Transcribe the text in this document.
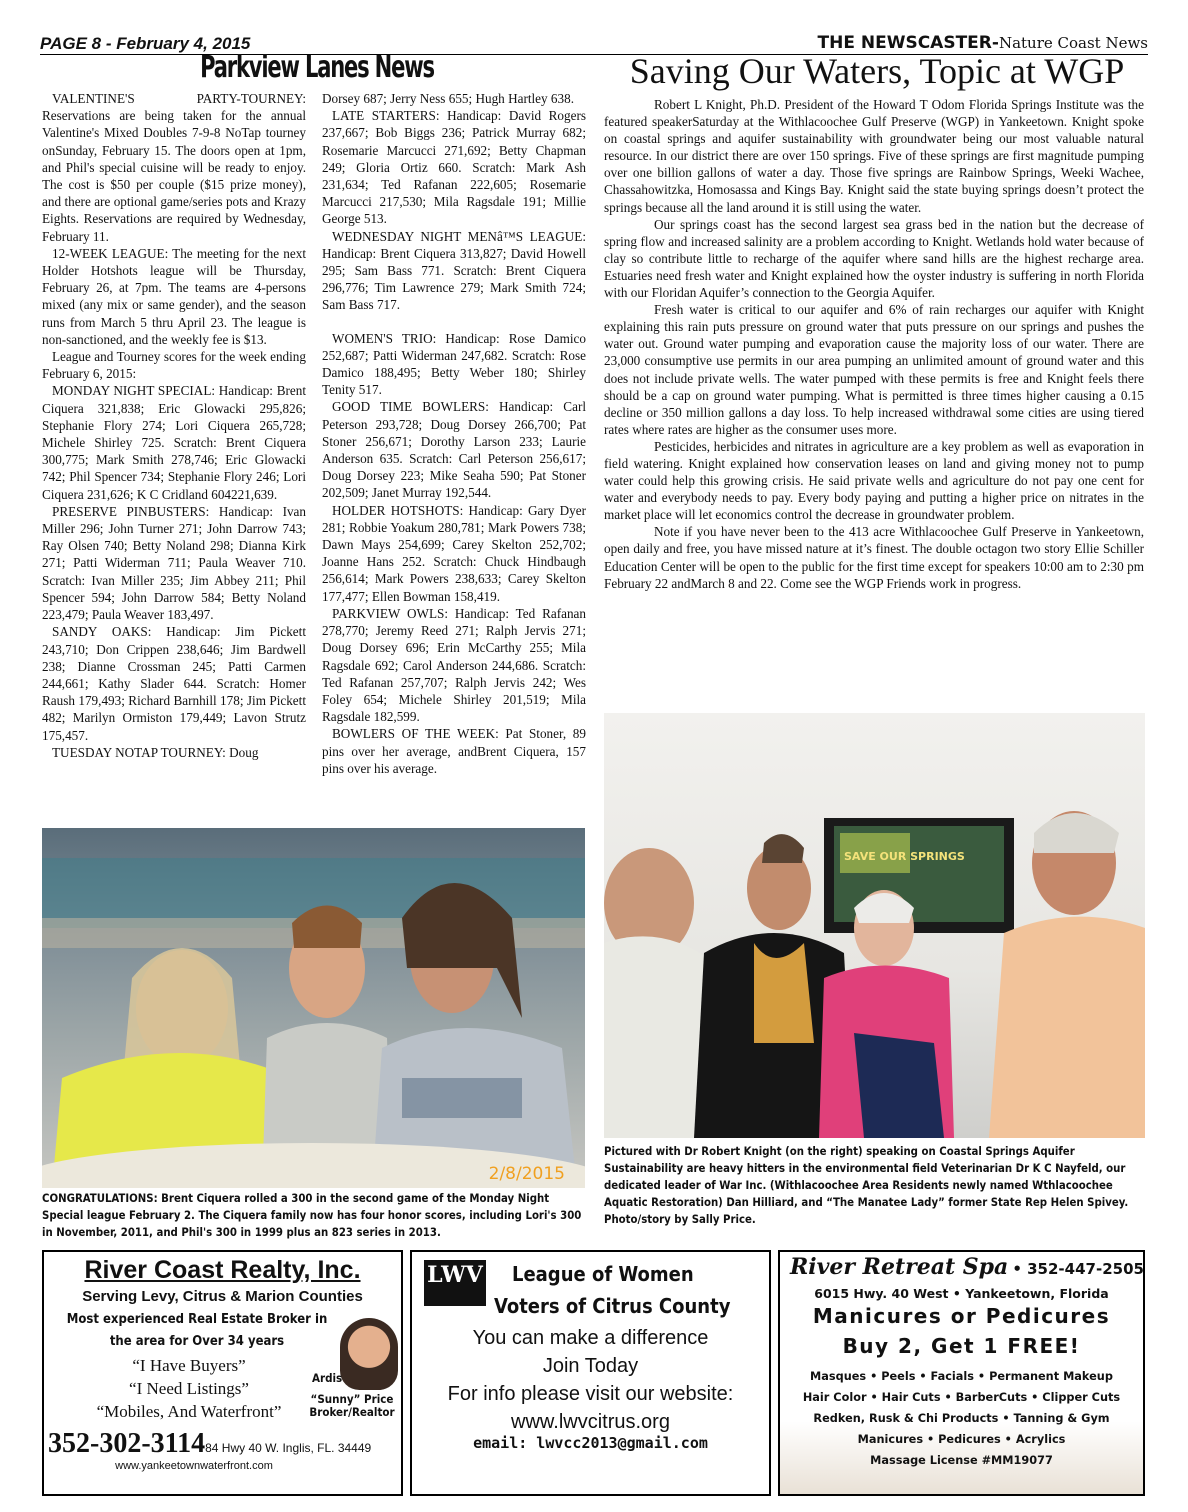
PAGE 8 - February 4, 2015	THE NEWSCASTER-Nature Coast News
Parkview Lanes News	Saving Our Waters, Topic at WGP

VALENTINE'S PARTY-TOURNEY: Reservations are being taken for the annual Valentine's Mixed Doubles 7-9-8 NoTap tourney onSunday, February 15. The doors open at 1pm, and Phil's special cuisine will be ready to enjoy. The cost is $50 per couple ($15 prize money), and there are optional game/series pots and Krazy Eights. Reservations are required by Wednesday, February 11.

12-WEEK LEAGUE: The meeting for the next Holder Hotshots league will be Thursday, February 26, at 7pm. The teams are 4-persons mixed (any mix or same gender), and the season runs from March 5 thru April 23. The league is non-sanctioned, and the weekly fee is $13.

League and Tourney scores for the week ending February 6, 2015:

MONDAY NIGHT SPECIAL: Handicap: Brent Ciquera 321,838; Eric Glowacki 295,826; Stephanie Flory 274; Lori Ciquera 265,728; Michele Shirley 725. Scratch: Brent Ciquera 300,775; Mark Smith 278,746; Eric Glowacki 742; Phil Spencer 734; Stephanie Flory 246; Lori Ciquera 231,626; K C Cridland 604221,639.

PRESERVE PINBUSTERS: Handicap: Ivan Miller 296; John Turner 271; John Darrow 743; Ray Olsen 740; Betty Noland 298; Dianna Kirk 271; Patti Widerman 711; Paula Weaver 710. Scratch: Ivan Miller 235; Jim Abbey 211; Phil Spencer 594; John Darrow 584; Betty Noland 223,479; Paula Weaver 183,497.

SANDY OAKS: Handicap: Jim Pickett 243,710; Don Crippen 238,646; Jim Bardwell 238; Dianne Crossman 245; Patti Carmen 244,661; Kathy Slader 644. Scratch: Homer Raush 179,493; Richard Barnhill 178; Jim Pickett 482; Marilyn Ormiston 179,449; Lavon Strutz 175,457.

TUESDAY NOTAP TOURNEY: Doug

Dorsey 687; Jerry Ness 655; Hugh Hartley 638.

LATE STARTERS: Handicap: David Rogers 237,667; Bob Biggs 236; Patrick Murray 682; Rosemarie Marcucci 271,692; Betty Chapman 249; Gloria Ortiz 660. Scratch: Mark Ash 231,634; Ted Rafanan 222,605; Rosemarie Marcucci 217,530; Mila Ragsdale 191; Millie George 513.

WEDNESDAY NIGHT MENâ™S LEAGUE: Handicap: Brent Ciquera 313,827; David Howell 295; Sam Bass 771. Scratch: Brent Ciquera 296,776; Tim Lawrence 279; Mark Smith 724; Sam Bass 717.

WOMEN'S TRIO: Handicap: Rose Damico 252,687; Patti Widerman 247,682. Scratch: Rose Damico 188,495; Betty Weber 180; Shirley Tenity 517.

GOOD TIME BOWLERS: Handicap: Carl Peterson 293,728; Doug Dorsey 266,700; Pat Stoner 256,671; Dorothy Larson 233; Laurie Anderson 635. Scratch: Carl Peterson 256,617; Doug Dorsey 223; Mike Seaha 590; Pat Stoner 202,509; Janet Murray 192,544.

HOLDER HOTSHOTS: Handicap: Gary Dyer 281; Robbie Yoakum 280,781; Mark Powers 738; Dawn Mays 254,699; Carey Skelton 252,702; Joanne Hans 252. Scratch: Chuck Hindbaugh 256,614; Mark Powers 238,633; Carey Skelton 177,477; Ellen Bowman 158,419.

PARKVIEW OWLS: Handicap: Ted Rafanan 278,770; Jeremy Reed 271; Ralph Jervis 271; Doug Dorsey 696; Erin McCarthy 255; Mila Ragsdale 692; Carol Anderson 244,686. Scratch: Ted Rafanan 257,707; Ralph Jervis 242; Wes Foley 654; Michele Shirley 201,519; Mila Ragsdale 182,599.

BOWLERS OF THE WEEK: Pat Stoner, 89 pins over her average, andBrent Ciquera, 157 pins over his average.

Robert L Knight, Ph.D. President of the Howard T Odom Florida Springs Institute was the featured speakerSaturday at the Withlacoochee Gulf Preserve (WGP) in Yankeetown. Knight spoke on coastal springs and aquifer sustainability with groundwater being our most valuable natural resource. In our district there are over 150 springs. Five of these springs are first magnitude pumping over one billion gallons of water a day. Those five springs are Rainbow Springs, Weeki Wachee, Chassahowitzka, Homosassa and Kings Bay. Knight said the state buying springs doesn’t protect the springs because all the land around it is still using the water.

Our springs coast has the second largest sea grass bed in the nation but the decrease of spring flow and increased salinity are a problem according to Knight. Wetlands hold water because of clay so contribute little to recharge of the aquifer where sand hills are the highest recharge area. Estuaries need fresh water and Knight explained how the oyster industry is suffering in north Florida with our Floridan Aquifer’s connection to the Georgia Aquifer.

Fresh water is critical to our aquifer and 6% of rain recharges our aquifer with Knight explaining this rain puts pressure on ground water that puts pressure on our springs and pushes the water out. Ground water pumping and evaporation cause the majority loss of our water. There are 23,000 consumptive use permits in our area pumping an unlimited amount of ground water and this does not include private wells. The water pumped with these permits is free and Knight feels there should be a cap on ground water pumping. What is permitted is three times higher causing a 0.15 decline or 350 million gallons a day loss. To help increased withdrawal some cities are using tiered rates where rates are higher as the consumer uses more.

Pesticides, herbicides and nitrates in agriculture are a key problem as well as evaporation in field watering. Knight explained how conservation leases on land and giving money not to pump water could help this growing crisis. He said private wells and agriculture do not pay one cent for water and everybody needs to pay. Every body paying and putting a higher price on nitrates in the market place will let economics control the decrease in groundwater problem.

Note if you have never been to the 413 acre Withlacoochee Gulf Preserve in Yankeetown, open daily and free, you have missed nature at it’s finest. The double octagon two story Ellie Schiller Education Center will be open to the public for the first time except for speakers 10:00 am to 2:30 pm February 22 andMarch 8 and 22. Come see the WGP Friends work in progress.

2/8/2015
CONGRATULATIONS: Brent Ciquera rolled a 300 in the second game of the Monday Night Special league February 2. The Ciquera family now has four honor scores, including Lori's 300 in November, 2011, and Phil's 300 in 1999 plus an 823 series in 2013.
SAVE OUR SPRINGS
Pictured with Dr Robert Knight (on the right) speaking on Coastal Springs Aquifer Sustainability are heavy hitters in the environmental field Veterinarian Dr K C Nayfeld, our dedicated leader of War Inc. (Withlacoochee Area Residents newly named Wthlacoochee Aquatic Restoration) Dan Hilliard, and “The Manatee Lady” former State Rep Helen Spivey. Photo/story by Sally Price.
River Coast Realty, Inc.
Serving Levy, Citrus & Marion Counties
Most experienced Real Estate Broker in
the area for Over 34 years
“I Have Buyers”
“I Need Listings”
“Mobiles, And Waterfront”
Ardis
“Sunny” Price
Broker/Realtor
352-302-311484 Hwy 40 W. Inglis, FL. 34449
www.yankeetownwaterfront.com
LWV	League of Women
Voters of Citrus County
You can make a difference
Join Today
For info please visit our website:
www.lwvcitrus.org
email: lwvcc2013@gmail.com
River Retreat Spa • 352-447-2505
6015 Hwy. 40 West • Yankeetown, Florida
Manicures or Pedicures
Buy 2, Get 1 FREE!
Masques • Peels • Facials • Permanent Makeup
Hair Color • Hair Cuts • BarberCuts • Clipper Cuts
Redken, Rusk & Chi Products • Tanning & Gym
Manicures • Pedicures • Acrylics
Massage License #MM19077
